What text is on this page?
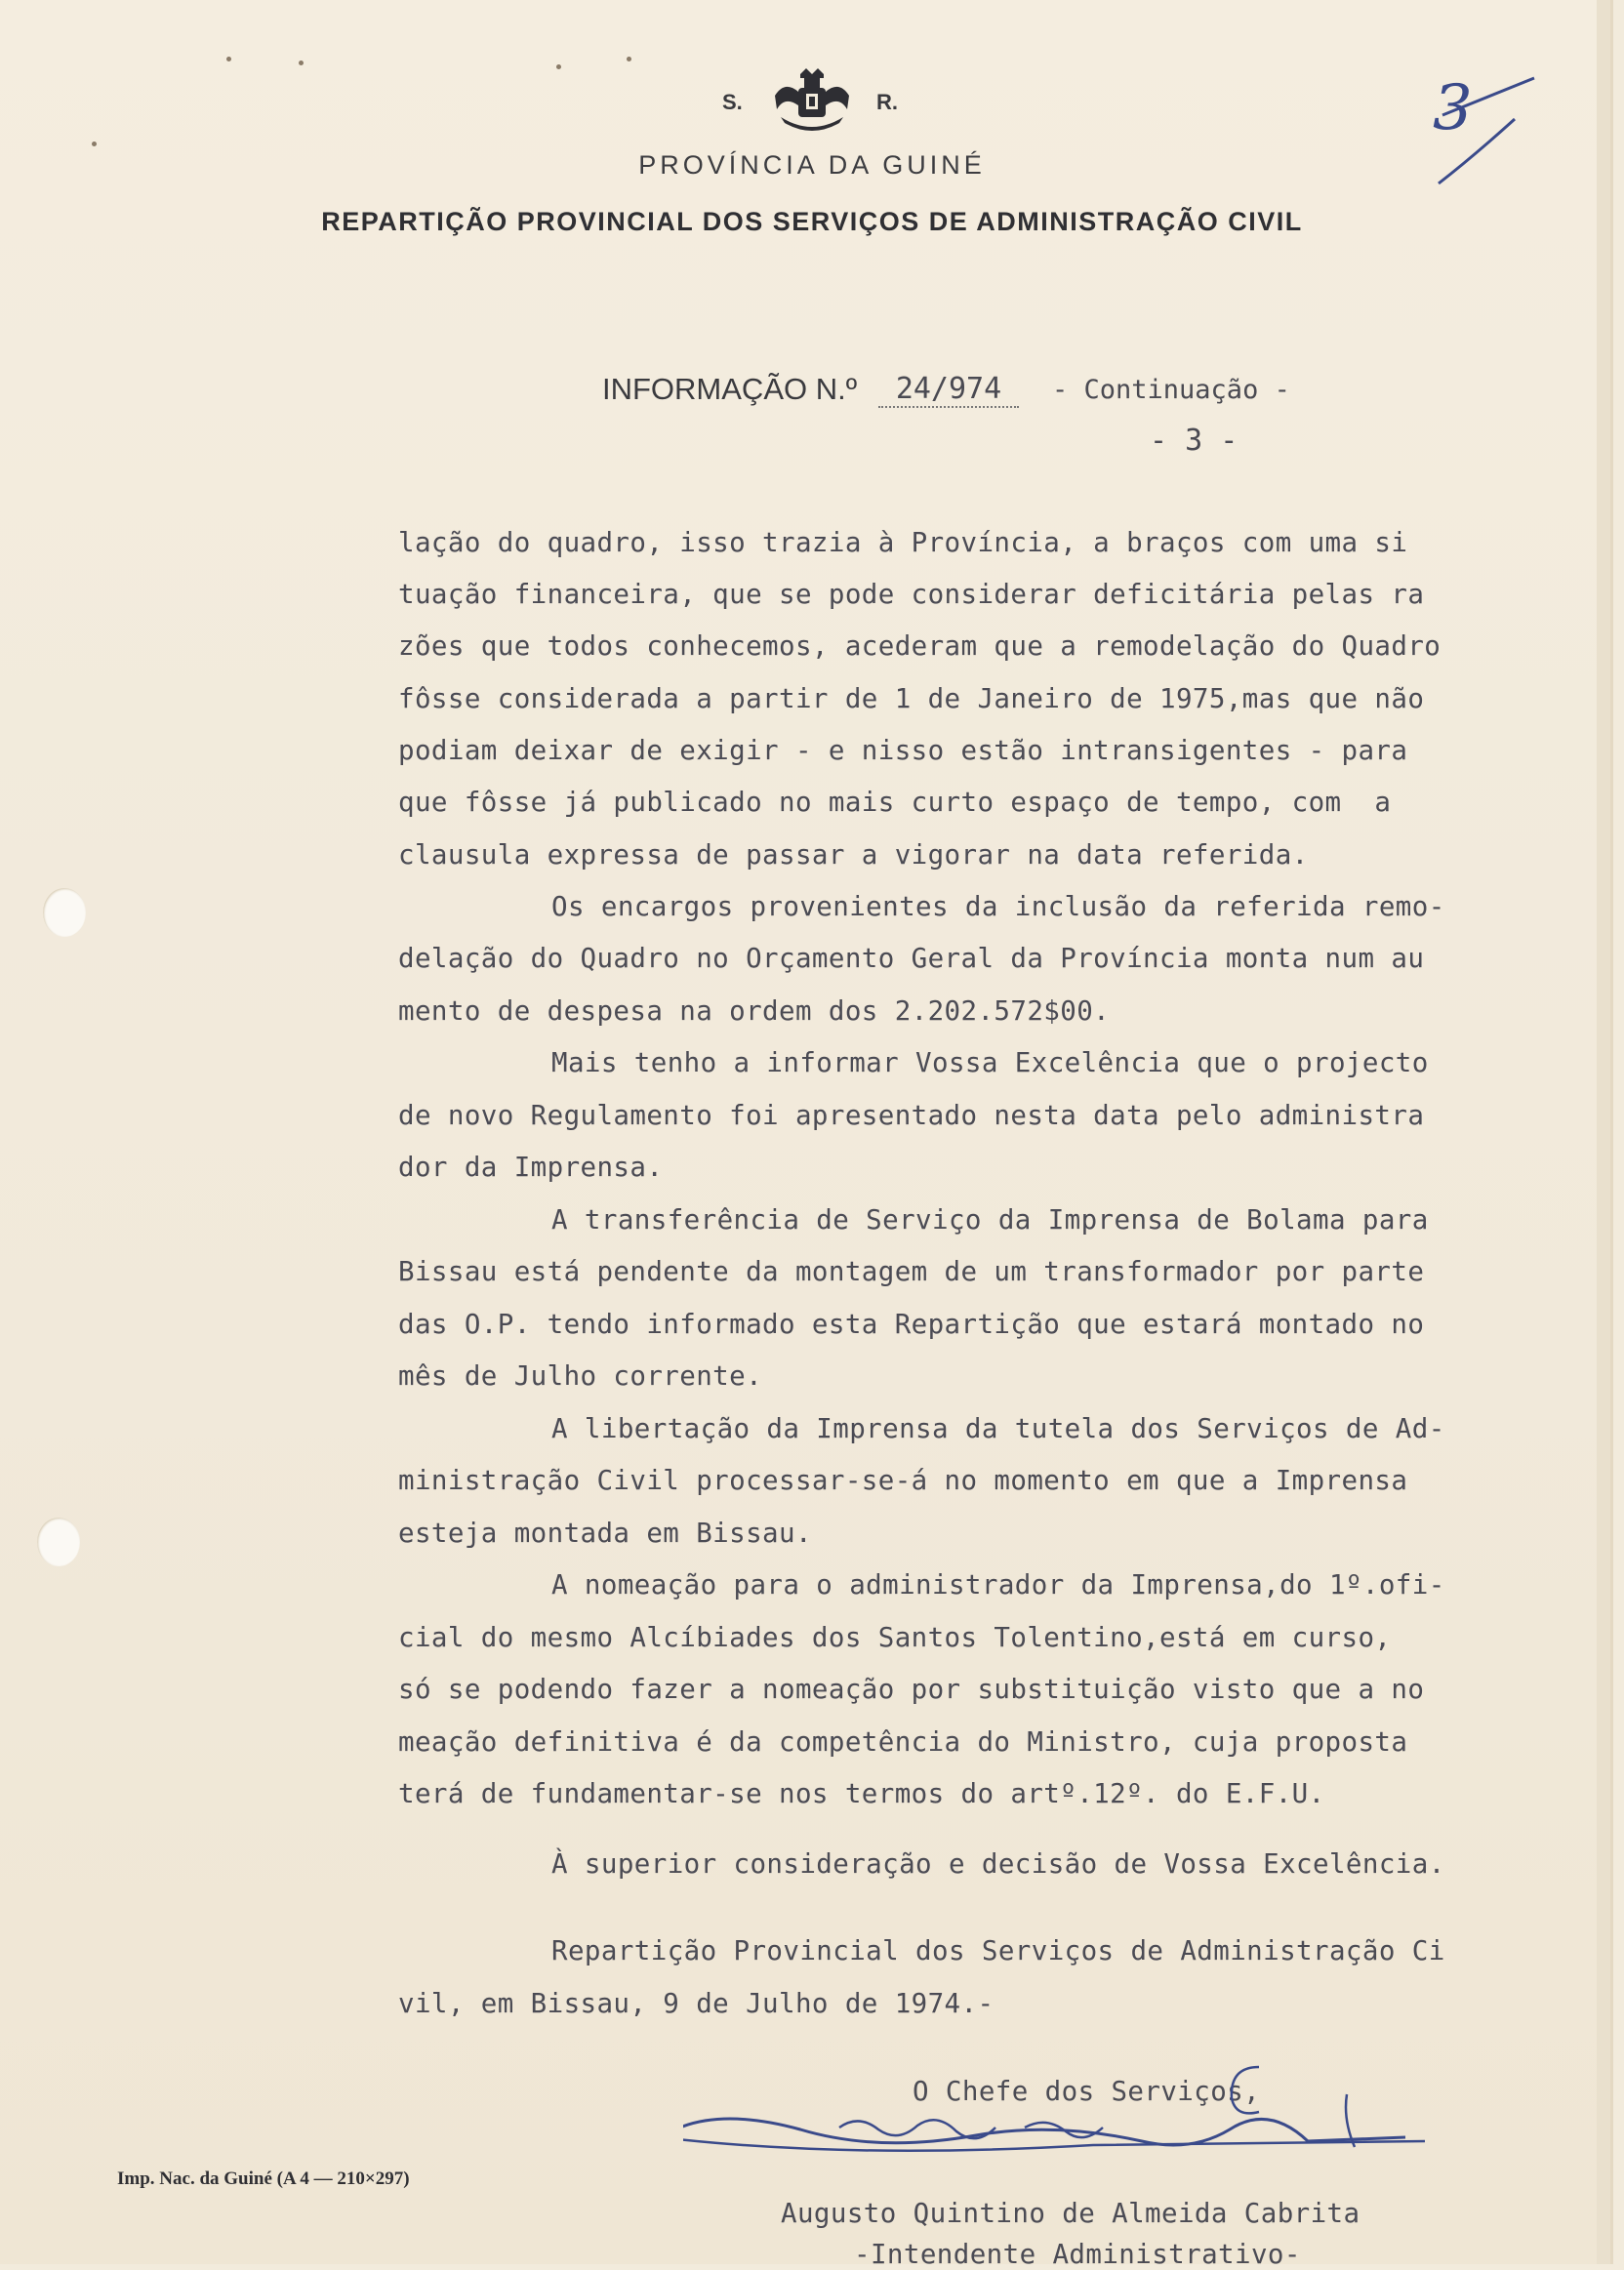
S.	R.
PROVÍNCIA DA GUINÉ
REPARTIÇÃO PROVINCIAL DOS SERVIÇOS DE ADMINISTRAÇÃO CIVIL
3
INFORMAÇÃO N.º	24/974	- Continuação -
- 3 -
lação do quadro, isso trazia à Província, a braços com uma si
tuação financeira, que se pode considerar deficitária pelas ra
zões que todos conhecemos, acederam que a remodelação do Quadro
fôsse considerada a partir de 1 de Janeiro de 1975,mas que não
podiam deixar de exigir - e nisso estão intransigentes - para
que fôsse já publicado no mais curto espaço de tempo, com  a
clausula expressa de passar a vigorar na data referida.
Os encargos provenientes da inclusão da referida remo-
delação do Quadro no Orçamento Geral da Província monta num au
mento de despesa na ordem dos 2.202.572$00.
Mais tenho a informar Vossa Excelência que o projecto
de novo Regulamento foi apresentado nesta data pelo administra
dor da Imprensa.
A transferência de Serviço da Imprensa de Bolama para
Bissau está pendente da montagem de um transformador por parte
das O.P. tendo informado esta Repartição que estará montado no
mês de Julho corrente.
A libertação da Imprensa da tutela dos Serviços de Ad-
ministração Civil processar-se-á no momento em que a Imprensa
esteja montada em Bissau.
A nomeação para o administrador da Imprensa,do 1º.ofi-
cial do mesmo Alcíbiades dos Santos Tolentino,está em curso,
só se podendo fazer a nomeação por substituição visto que a no
meação definitiva é da competência do Ministro, cuja proposta
terá de fundamentar-se nos termos do artº.12º. do E.F.U.
À superior consideração e decisão de Vossa Excelência.
Repartição Provincial dos Serviços de Administração Ci
vil, em Bissau, 9 de Julho de 1974.-
O Chefe dos Serviços,
Augusto Quintino de Almeida Cabrita
-Intendente Administrativo-
Imp. Nac. da Guiné (A 4 — 210×297)
